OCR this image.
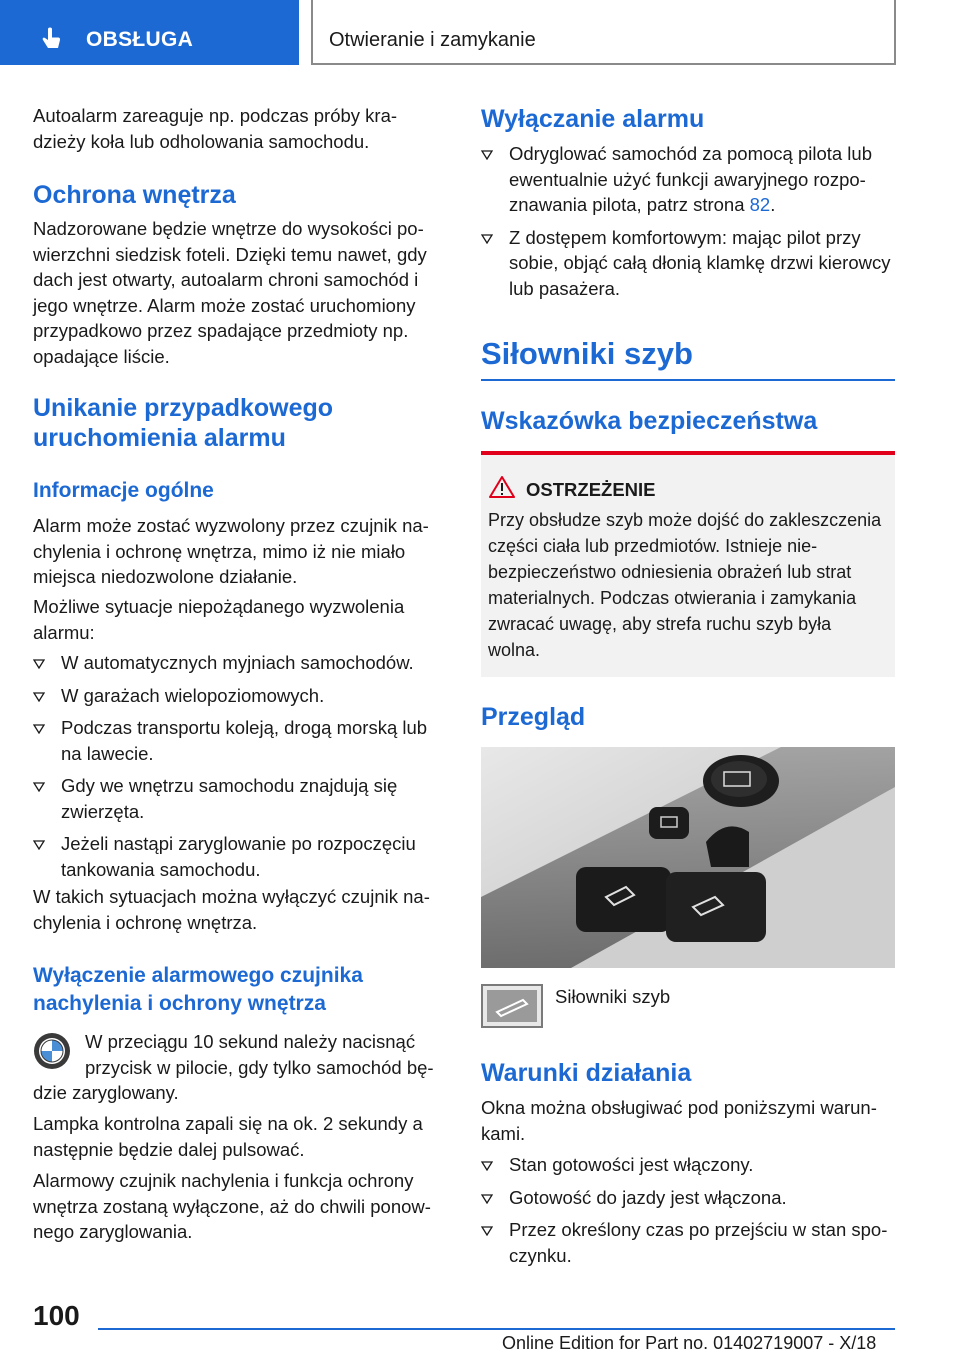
OBSŁUGA	Otwieranie i zamykanie

Autoalarm zareaguje np. podczas próby kradzieży koła lub odholowania samochodu.

Ochrona wnętrza

Nadzorowane będzie wnętrze do wysokości powierzchni siedzisk foteli. Dzięki temu nawet, gdy dach jest otwarty, autoalarm chroni samochód i jego wnętrze. Alarm może zostać uruchomiony przypadkowo przez spadające przedmioty np. opadające liście.

Unikanie przypadkowego uruchomienia alarmu
Informacje ogólne

Alarm może zostać wyzwolony przez czujnik nachylenia i ochronę wnętrza, mimo iż nie miało miejsca niedozwolone działanie.

Możliwe sytuacje niepożądanego wyzwolenia alarmu:

W automatycznych myjniach samochodów.
W garażach wielopoziomowych.
Podczas transportu koleją, drogą morską lub na lawecie.
Gdy we wnętrzu samochodu znajdują się zwierzęta.
Jeżeli nastąpi zaryglowanie po rozpoczęciu tankowania samochodu.

W takich sytuacjach można wyłączyć czujnik nachylenia i ochronę wnętrza.

Wyłączenie alarmowego czujnika nachylenia i ochrony wnętrza
W przeciągu 10 sekund należy nacisnąć przycisk w pilocie, gdy tylko samochód będzie zaryglowany.

Lampka kontrolna zapali się na ok. 2 sekundy a następnie będzie dalej pulsować.

Alarmowy czujnik nachylenia i funkcja ochrony wnętrza zostaną wyłączone, aż do chwili ponownego zaryglowania.

Wyłączanie alarmu
Odryglować samochód za pomocą pilota lub ewentualnie użyć funkcji awaryjnego rozpoznawania pilota, patrz strona 82.
Z dostępem komfortowym: mając pilot przy sobie, objąć całą dłonią klamkę drzwi kierowcy lub pasażera.
Siłowniki szyb
Wskazówka bezpieczeństwa
OSTRZEŻENIE

Przy obsłudze szyb może dojść do zakleszczenia części ciała lub przedmiotów. Istnieje niebezpieczeństwo odniesienia obrażeń lub strat materialnych. Podczas otwierania i zamykania zwracać uwagę, aby strefa ruchu szyb była wolna.

Przegląd
Siłowniki szyb
Warunki działania

Okna można obsługiwać pod poniższymi warunkami.

Stan gotowości jest włączony.
Gotowość do jazdy jest włączona.
Przez określony czas po przejściu w stan spoczynku.
100
Online Edition for Part no. 01402719007 - X/18
